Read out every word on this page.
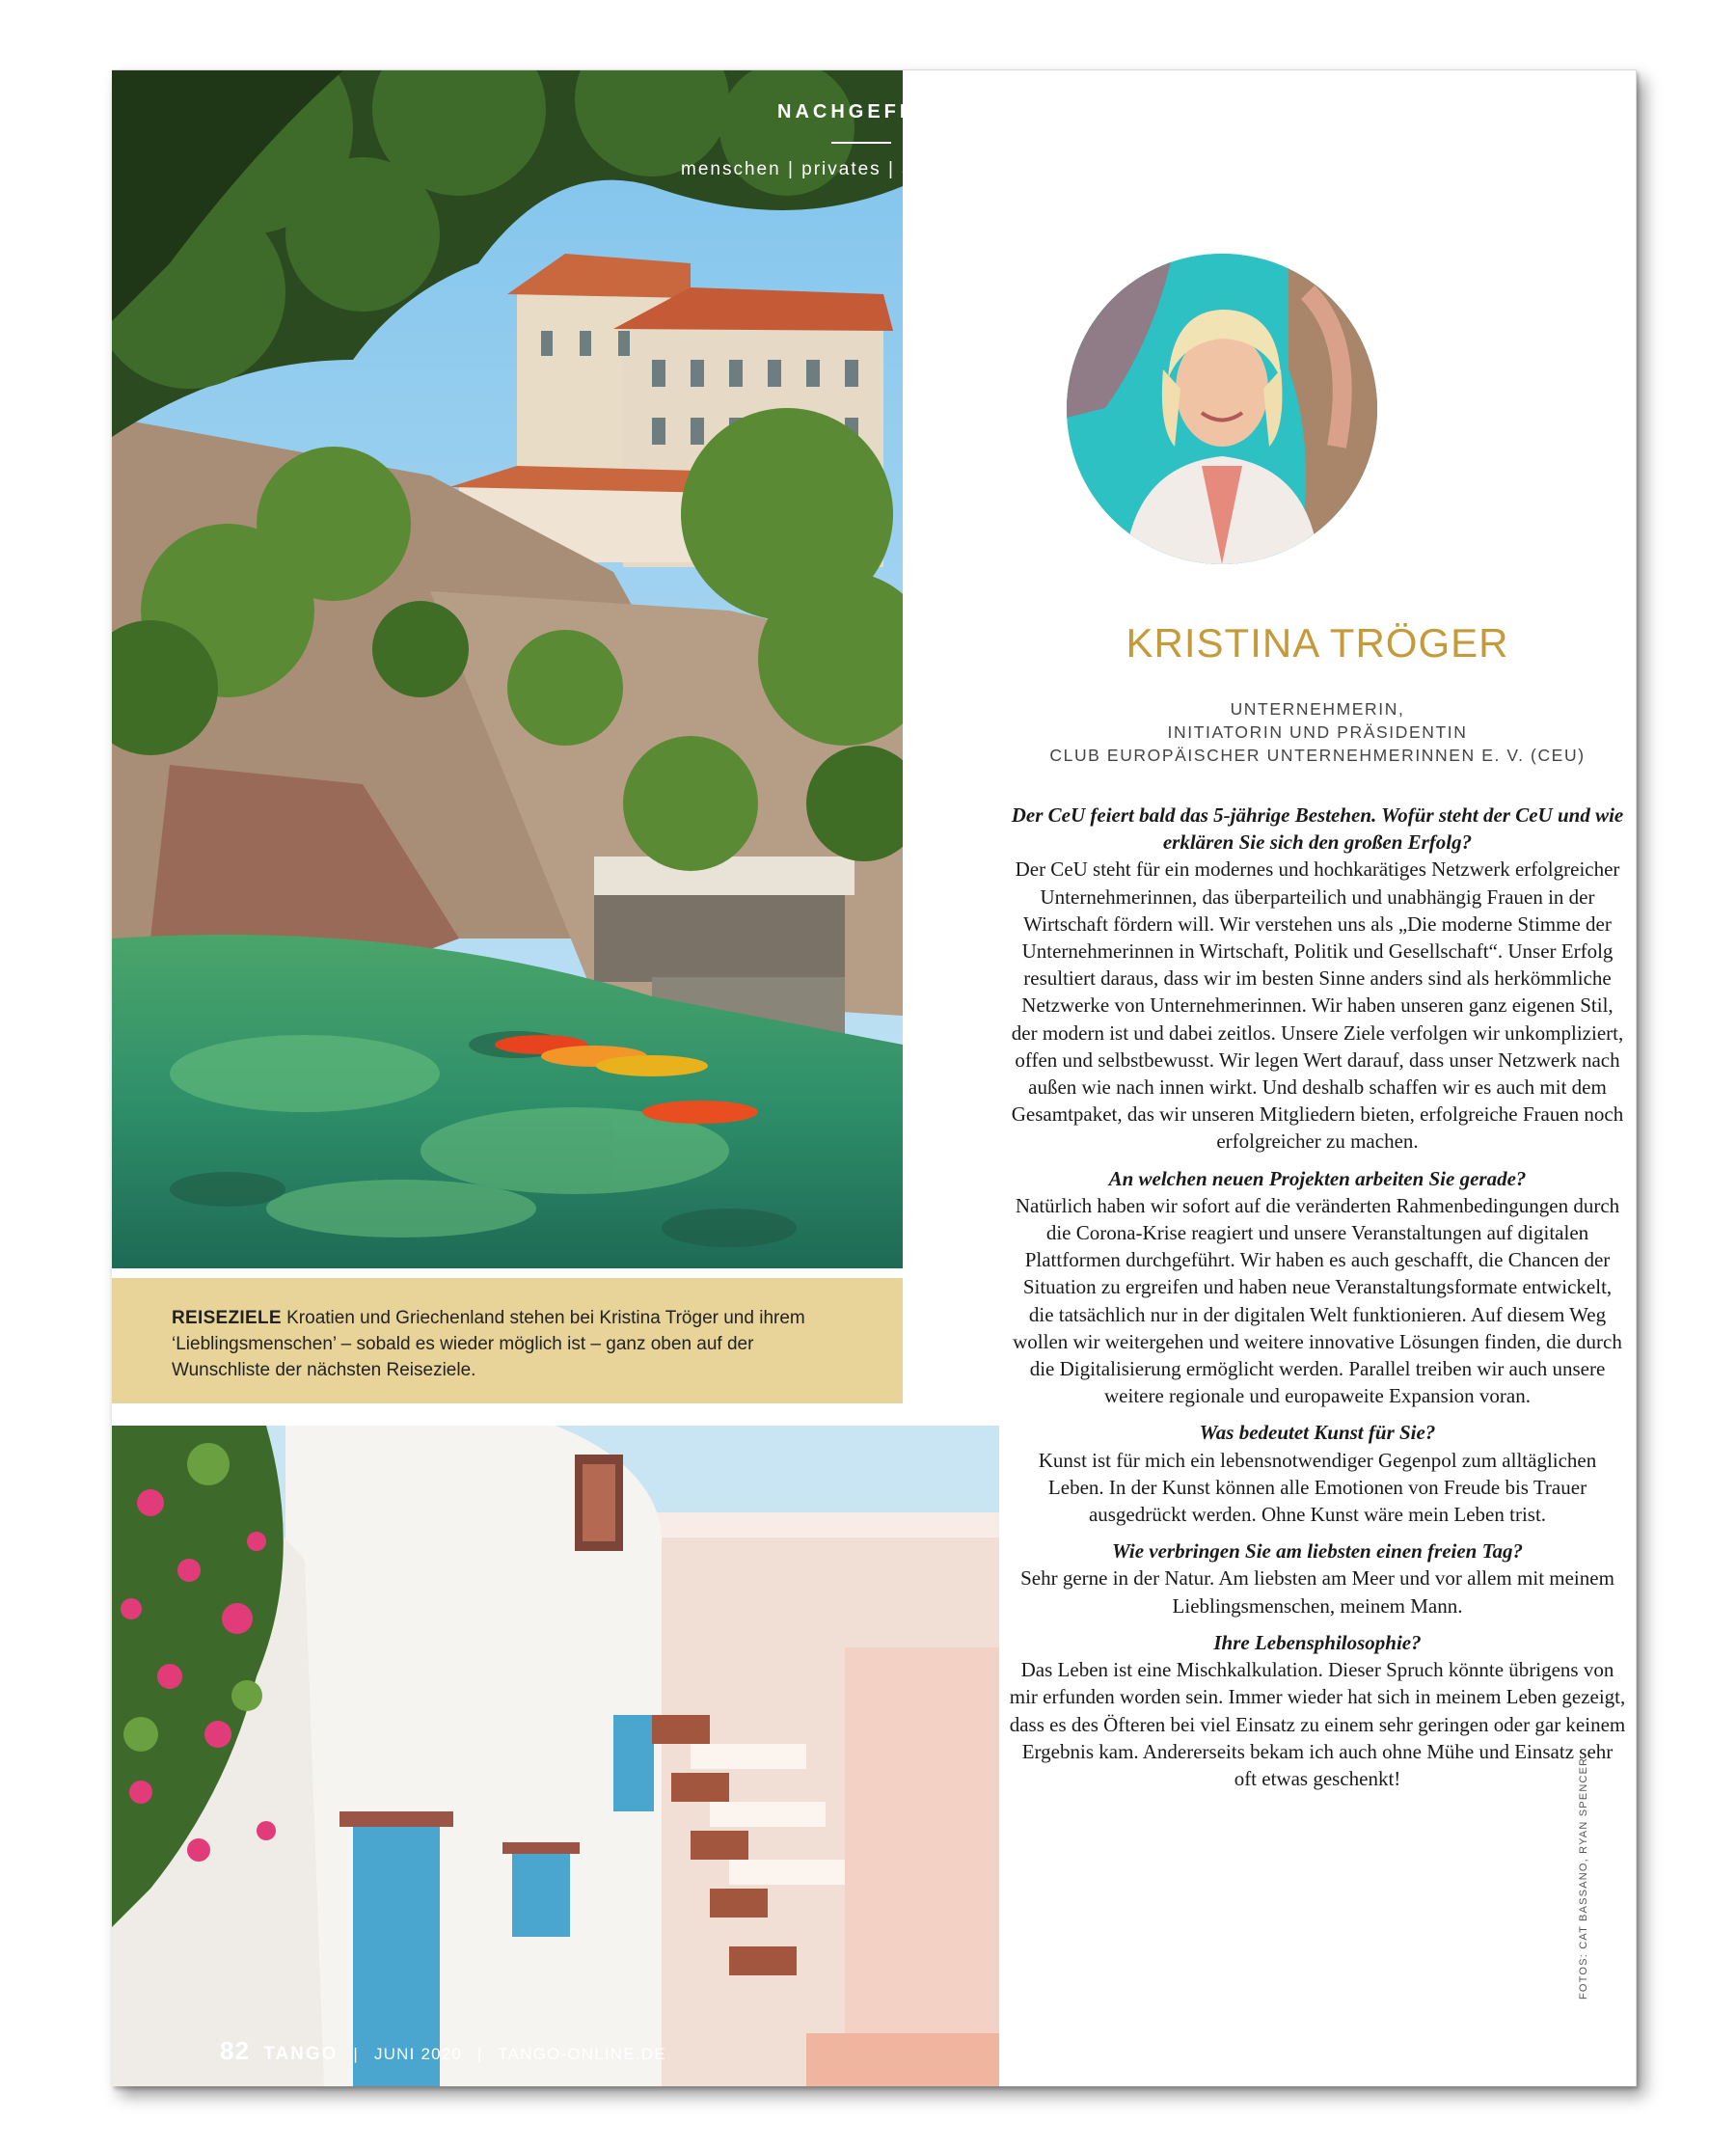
NACHGEFRAGT
menschen | privates | sichtweisen
REISEZIELE Kroatien und Griechenland stehen bei Kristina Tröger und ihrem ‘Lieblingsmenschen’ – sobald es wieder möglich ist – ganz oben auf der Wunschliste der nächsten Reiseziele.
KRISTINA TRÖGER
UNTERNEHMERIN,
INITIATORIN UND PRÄSIDENTIN
CLUB EUROPÄISCHER UNTERNEHMERINNEN E. V. (CEU)
Der CeU feiert bald das 5-jährige Bestehen. Wofür steht der CeU und wie erklären Sie sich den großen Erfolg?
Der CeU steht für ein modernes und hochkarätiges Netzwerk erfolgreicher Unternehmerinnen, das überparteilich und unabhängig Frauen in der Wirtschaft fördern will. Wir verstehen uns als „Die moderne Stimme der Unternehmerinnen in Wirtschaft, Politik und Gesellschaft“. Unser Erfolg resultiert daraus, dass wir im besten Sinne anders sind als herkömmliche Netzwerke von Unternehmerinnen. Wir haben unseren ganz eigenen Stil, der modern ist und dabei zeitlos. Unsere Ziele verfolgen wir unkompliziert, offen und selbstbewusst. Wir legen Wert darauf, dass unser Netzwerk nach außen wie nach innen wirkt. Und deshalb schaffen wir es auch mit dem Gesamtpaket, das wir unseren Mitgliedern bieten, erfolgreiche Frauen noch erfolgreicher zu machen.
An welchen neuen Projekten arbeiten Sie gerade?
Natürlich haben wir sofort auf die veränderten Rahmenbedingungen durch die Corona-Krise reagiert und unsere Veranstaltungen auf digitalen Plattformen durchgeführt. Wir haben es auch geschafft, die Chancen der Situation zu ergreifen und haben neue Veranstaltungsformate entwickelt, die tatsächlich nur in der digitalen Welt funktionieren. Auf diesem Weg wollen wir weitergehen und weitere innovative Lösungen finden, die durch die Digitalisierung ermöglicht werden. Parallel treiben wir auch unsere weitere regionale und europaweite Expansion voran.
Was bedeutet Kunst für Sie?
Kunst ist für mich ein lebensnotwendiger Gegenpol zum alltäglichen Leben. In der Kunst können alle Emotionen von Freude bis Trauer ausgedrückt werden. Ohne Kunst wäre mein Leben trist.
Wie verbringen Sie am liebsten einen freien Tag?
Sehr gerne in der Natur. Am liebsten am Meer und vor allem mit meinem Lieblingsmenschen, meinem Mann.
Ihre Lebensphilosophie?
Das Leben ist eine Mischkalkulation. Dieser Spruch könnte übrigens von mir erfunden worden sein. Immer wieder hat sich in meinem Leben gezeigt, dass es des Öfteren bei viel Einsatz zu einem sehr geringen oder gar keinem Ergebnis kam. Andererseits bekam ich auch ohne Mühe und Einsatz sehr oft etwas geschenkt!	FOTOS: CAT BASSANO, RYAN SPENCER
82 TANGO | JUNI 2020 | TANGO-ONLINE.DE
